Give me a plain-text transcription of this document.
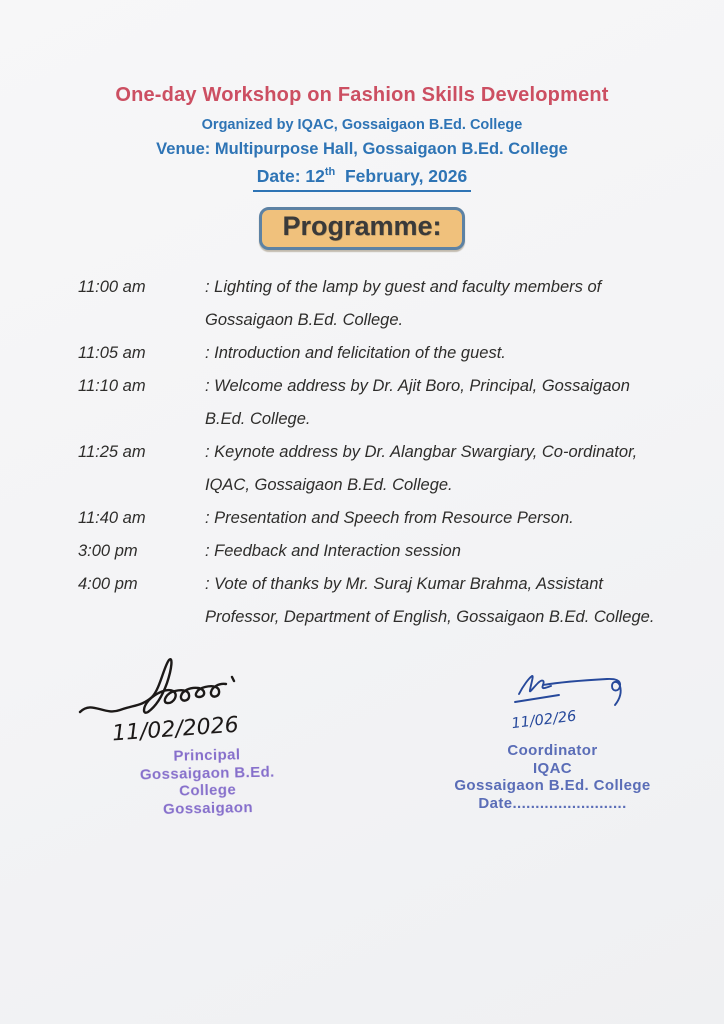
One-day Workshop on Fashion Skills Development
Organized by IQAC, Gossaigaon B.Ed. College
Venue: Multipurpose Hall, Gossaigaon B.Ed. College
Date: 12th  February, 2026
Programme:
11:00 am	: Lighting of the lamp by guest and faculty members of Gossaigaon B.Ed. College.
11:05 am	: Introduction and felicitation of the guest.
11:10 am	: Welcome address by Dr. Ajit Boro, Principal, Gossaigaon B.Ed. College.
11:25 am	: Keynote address by Dr. Alangbar Swargiary, Co-ordinator, IQAC, Gossaigaon B.Ed. College.
11:40 am	: Presentation and Speech from Resource Person.
3:00 pm	: Feedback and Interaction session
4:00 pm	: Vote of thanks by Mr. Suraj Kumar Brahma, Assistant Professor, Department of English, Gossaigaon B.Ed. College.
11/02/2026
Principal
Gossaigaon B.Ed. College
Gossaigaon
11/02/26
Coordinator
IQAC
Gossaigaon B.Ed. College
Date.........................
